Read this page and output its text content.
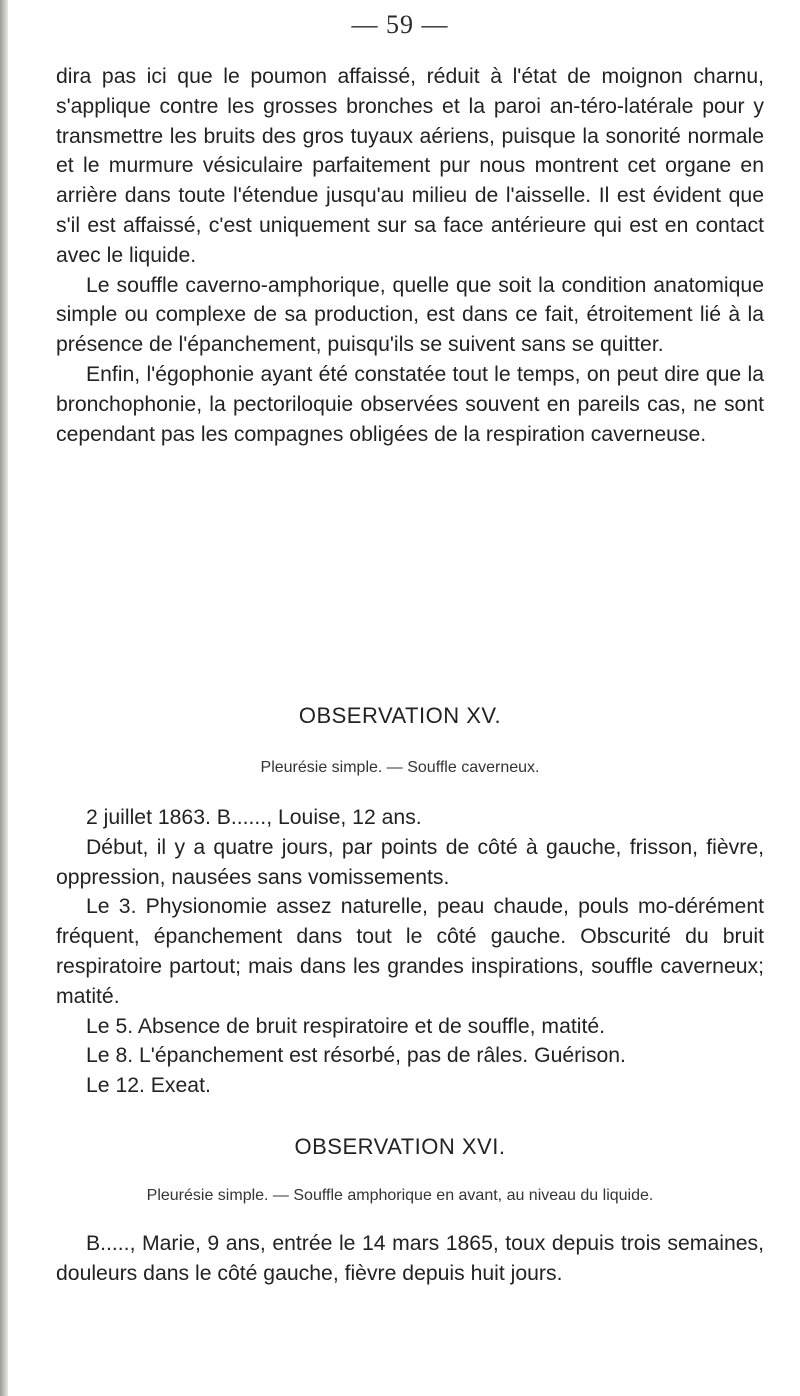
— 59 —

dira pas ici que le poumon affaissé, réduit à l'état de moignon charnu, s'applique contre les grosses bronches et la paroi an-téro-latérale pour y transmettre les bruits des gros tuyaux aériens, puisque la sonorité normale et le murmure vésiculaire parfaitement pur nous montrent cet organe en arrière dans toute l'étendue jusqu'au milieu de l'aisselle. Il est évident que s'il est affaissé, c'est uniquement sur sa face antérieure qui est en contact avec le liquide.

Le souffle caverno-amphorique, quelle que soit la condition anatomique simple ou complexe de sa production, est dans ce fait, étroitement lié à la présence de l'épanchement, puisqu'ils se suivent sans se quitter.

Enfin, l'égophonie ayant été constatée tout le temps, on peut dire que la bronchophonie, la pectoriloquie observées souvent en pareils cas, ne sont cependant pas les compagnes obligées de la respiration caverneuse.

OBSERVATION XV.
Pleurésie simple. — Souffle caverneux.

2 juillet 1863. B......, Louise, 12 ans.

Début, il y a quatre jours, par points de côté à gauche, frisson, fièvre, oppression, nausées sans vomissements.

Le 3. Physionomie assez naturelle, peau chaude, pouls mo-dérément fréquent, épanchement dans tout le côté gauche. Obscurité du bruit respiratoire partout; mais dans les grandes inspirations, souffle caverneux; matité.

Le 5. Absence de bruit respiratoire et de souffle, matité.

Le 8. L'épanchement est résorbé, pas de râles. Guérison.

Le 12. Exeat.

OBSERVATION XVI.
Pleurésie simple. — Souffle amphorique en avant, au niveau du liquide.

B....., Marie, 9 ans, entrée le 14 mars 1865, toux depuis trois semaines, douleurs dans le côté gauche, fièvre depuis huit jours.
